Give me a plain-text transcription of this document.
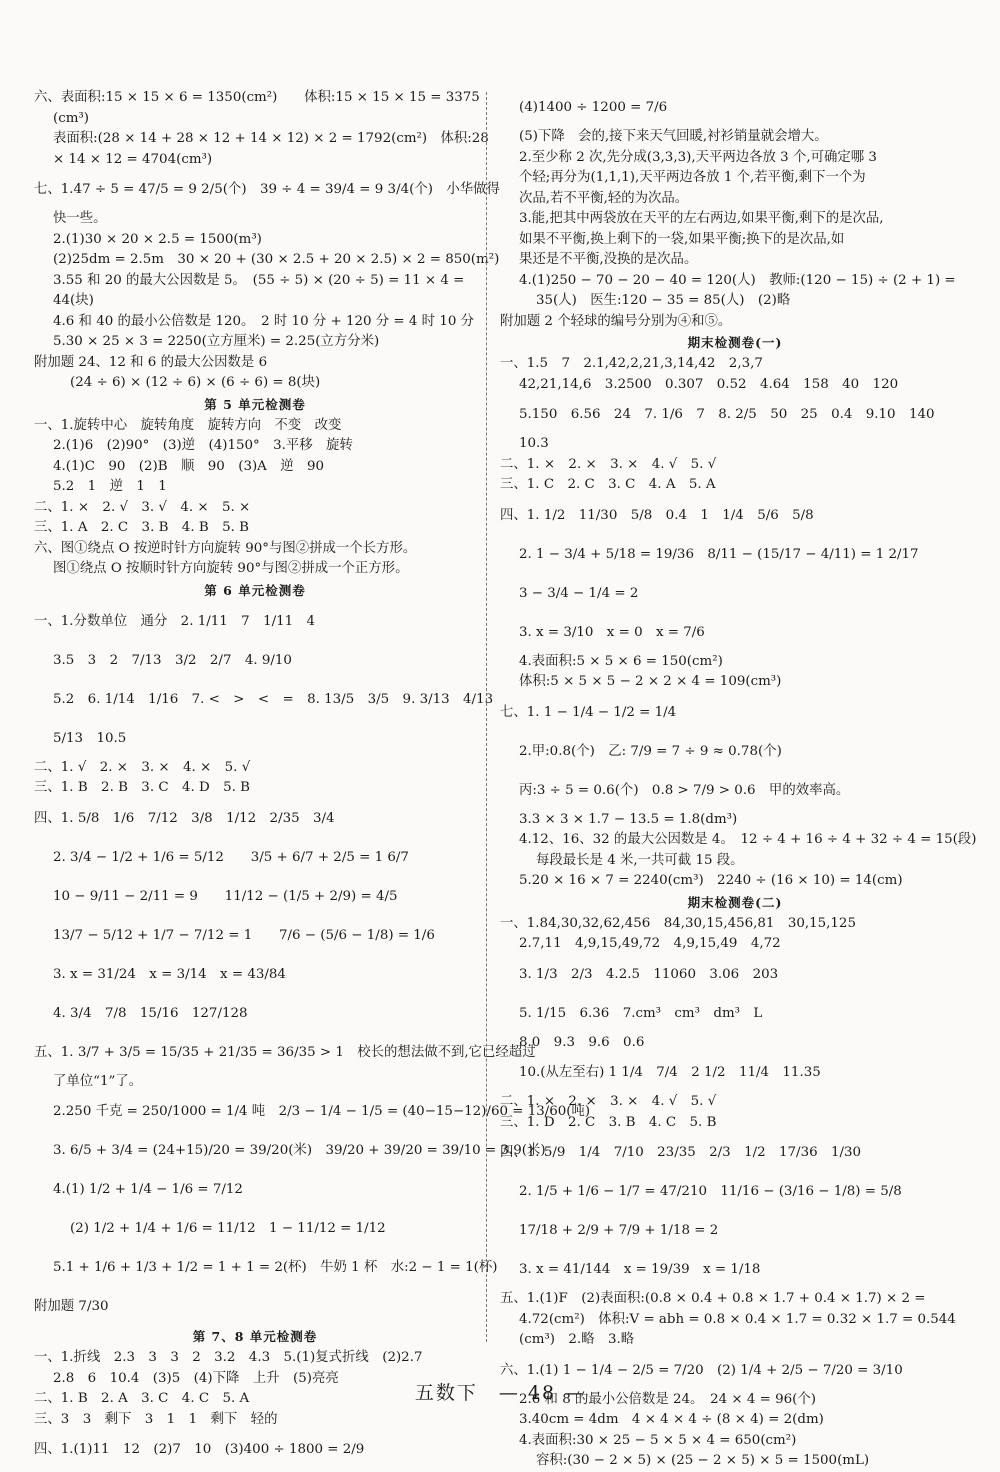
六、表面积:15 × 15 × 6 = 1350(cm²)　　体积:15 × 15 × 15 = 3375
(cm³)
表面积:(28 × 14 + 28 × 12 + 14 × 12) × 2 = 1792(cm²)　体积:28
× 14 × 12 = 4704(cm³)
七、1.47 ÷ 5 = 47/5 = 9 2/5(个)　39 ÷ 4 = 39/4 = 9 3/4(个)　小华做得
快一些。
2.(1)30 × 20 × 2.5 = 1500(m³)
(2)25dm = 2.5m　30 × 20 + (30 × 2.5 + 20 × 2.5) × 2 = 850(m²)
3.55 和 20 的最大公因数是 5。　(55 ÷ 5) × (20 ÷ 5) = 11 × 4 =
44(块)
4.6 和 40 的最小公倍数是 120。　2 时 10 分 + 120 分 = 4 时 10 分
5.30 × 25 × 3 = 2250(立方厘米) = 2.25(立方分米)
附加题 24、12 和 6 的最大公因数是 6
(24 ÷ 6) × (12 ÷ 6) × (6 ÷ 6) = 8(块)
第 5 单元检测卷
一、1.旋转中心　旋转角度　旋转方向　不变　改变
2.(1)6　(2)90°　(3)逆　(4)150°　3.平移　旋转
4.(1)C　90　(2)B　顺　90　(3)A　逆　90
5.2　1　逆　1　1
二、1. ×　2. √　3. √　4. ×　5. ×
三、1. A　2. C　3. B　4. B　5. B
六、图①绕点 O 按逆时针方向旋转 90°与图②拼成一个长方形。
图①绕点 O 按顺时针方向旋转 90°与图②拼成一个正方形。
第 6 单元检测卷
一、1.分数单位　通分　2. 1/11　7　1/11　4
3.5　3　2　7/13　3/2　2/7　4. 9/10
5.2　6. 1/14　1/16　7. <　>　<　=　8. 13/5　3/5　9. 3/13　4/13
5/13　10.5
二、1. √　2. ×　3. ×　4. ×　5. √
三、1. B　2. B　3. C　4. D　5. B
四、1. 5/8　1/6　7/12　3/8　1/12　2/35　3/4
2. 3/4 − 1/2 + 1/6 = 5/12　　3/5 + 6/7 + 2/5 = 1 6/7
10 − 9/11 − 2/11 = 9　　11/12 − (1/5 + 2/9) = 4/5
13/7 − 5/12 + 1/7 − 7/12 = 1　　7/6 − (5/6 − 1/8) = 1/6
3. x = 31/24　x = 3/14　x = 43/84
4. 3/4　7/8　15/16　127/128
五、1. 3/7 + 3/5 = 15/35 + 21/35 = 36/35 > 1　校长的想法做不到,它已经超过
了单位“1”了。
2.250 千克 = 250/1000 = 1/4 吨　2/3 − 1/4 − 1/5 = (40−15−12)/60 = 13/60(吨)
3. 6/5 + 3/4 = (24+15)/20 = 39/20(米)　39/20 + 39/20 = 39/10 = 3.9(米)
4.(1) 1/2 + 1/4 − 1/6 = 7/12
(2) 1/2 + 1/4 + 1/6 = 11/12　1 − 11/12 = 1/12
5.1 + 1/6 + 1/3 + 1/2 = 1 + 1 = 2(杯)　牛奶 1 杯　水:2 − 1 = 1(杯)
附加题 7/30
第 7、8 单元检测卷
一、1.折线　2.3　3　3　2　3.2　4.3　5.(1)复式折线　(2)2.7
2.8　6　10.4　(3)5　(4)下降　上升　(5)亮亮
二、1. B　2. A　3. C　4. C　5. A
三、3　3　剩下　3　1　1　剩下　轻的
四、1.(1)11　12　(2)7　10　(3)400 ÷ 1800 = 2/9
(4)1400 ÷ 1200 = 7/6
(5)下降　会的,接下来天气回暖,衬衫销量就会增大。
2.至少称 2 次,先分成(3,3,3),天平两边各放 3 个,可确定哪 3
个轻;再分为(1,1,1),天平两边各放 1 个,若平衡,剩下一个为
次品,若不平衡,轻的为次品。
3.能,把其中两袋放在天平的左右两边,如果平衡,剩下的是次品,
如果不平衡,换上剩下的一袋,如果平衡;换下的是次品,如
果还是不平衡,没换的是次品。
4.(1)250 − 70 − 20 − 40 = 120(人)　教师:(120 − 15) ÷ (2 + 1) =
35(人)　医生:120 − 35 = 85(人)　(2)略
附加题 2 个轻球的编号分别为④和⑤。
期末检测卷(一)
一、1.5　7　2.1,42,2,21,3,14,42　2,3,7
42,21,14,6　3.2500　0.307　0.52　4.64　158　40　120
5.150　6.56　24　7. 1/6　7　8. 2/5　50　25　0.4　9.10　140
10.3
二、1. ×　2. ×　3. ×　4. √　5. √
三、1. C　2. C　3. C　4. A　5. A
四、1. 1/2　11/30　5/8　0.4　1　1/4　5/6　5/8
2. 1 − 3/4 + 5/18 = 19/36　8/11 − (15/17 − 4/11) = 1 2/17
3 − 3/4 − 1/4 = 2
3. x = 3/10　x = 0　x = 7/6
4.表面积:5 × 5 × 6 = 150(cm²)
体积:5 × 5 × 5 − 2 × 2 × 4 = 109(cm³)
七、1. 1 − 1/4 − 1/2 = 1/4
2.甲:0.8(个)　乙: 7/9 = 7 ÷ 9 ≈ 0.78(个)
丙:3 ÷ 5 = 0.6(个)　0.8 > 7/9 > 0.6　甲的效率高。
3.3 × 3 × 1.7 − 13.5 = 1.8(dm³)
4.12、16、32 的最大公因数是 4。　12 ÷ 4 + 16 ÷ 4 + 32 ÷ 4 = 15(段)
每段最长是 4 米,一共可截 15 段。
5.20 × 16 × 7 = 2240(cm³)　2240 ÷ (16 × 10) = 14(cm)
期末检测卷(二)
一、1.84,30,32,62,456　84,30,15,456,81　30,15,125
2.7,11　4,9,15,49,72　4,9,15,49　4,72
3. 1/3　2/3　4.2.5　11060　3.06　203
5. 1/15　6.36　7.cm³　cm³　dm³　L
8.0　9.3　9.6　0.6
10.(从左至右) 1 1/4　7/4　2 1/2　11/4　11.35
二、1. ×　2. ×　3. ×　4. √　5. √
三、1. D　2. C　3. B　4. C　5. B
四、1. 5/9　1/4　7/10　23/35　2/3　1/2　17/36　1/30
2. 1/5 + 1/6 − 1/7 = 47/210　11/16 − (3/16 − 1/8) = 5/8
17/18 + 2/9 + 7/9 + 1/18 = 2
3. x = 41/144　x = 19/39　x = 1/18
五、1.(1)F　(2)表面积:(0.8 × 0.4 + 0.8 × 1.7 + 0.4 × 1.7) × 2 =
4.72(cm²)　体积:V = abh = 0.8 × 0.4 × 1.7 = 0.32 × 1.7 = 0.544
(cm³)　2.略　3.略
六、1.(1) 1 − 1/4 − 2/5 = 7/20　(2) 1/4 + 2/5 − 7/20 = 3/10
2.6 和 8 的最小公倍数是 24。　24 × 4 = 96(个)
3.40cm = 4dm　4 × 4 × 4 ÷ (8 × 4) = 2(dm)
4.表面积:30 × 25 − 5 × 5 × 4 = 650(cm²)
容积:(30 − 2 × 5) × (25 − 2 × 5) × 5 = 1500(mL)
五数下　— 48 —
